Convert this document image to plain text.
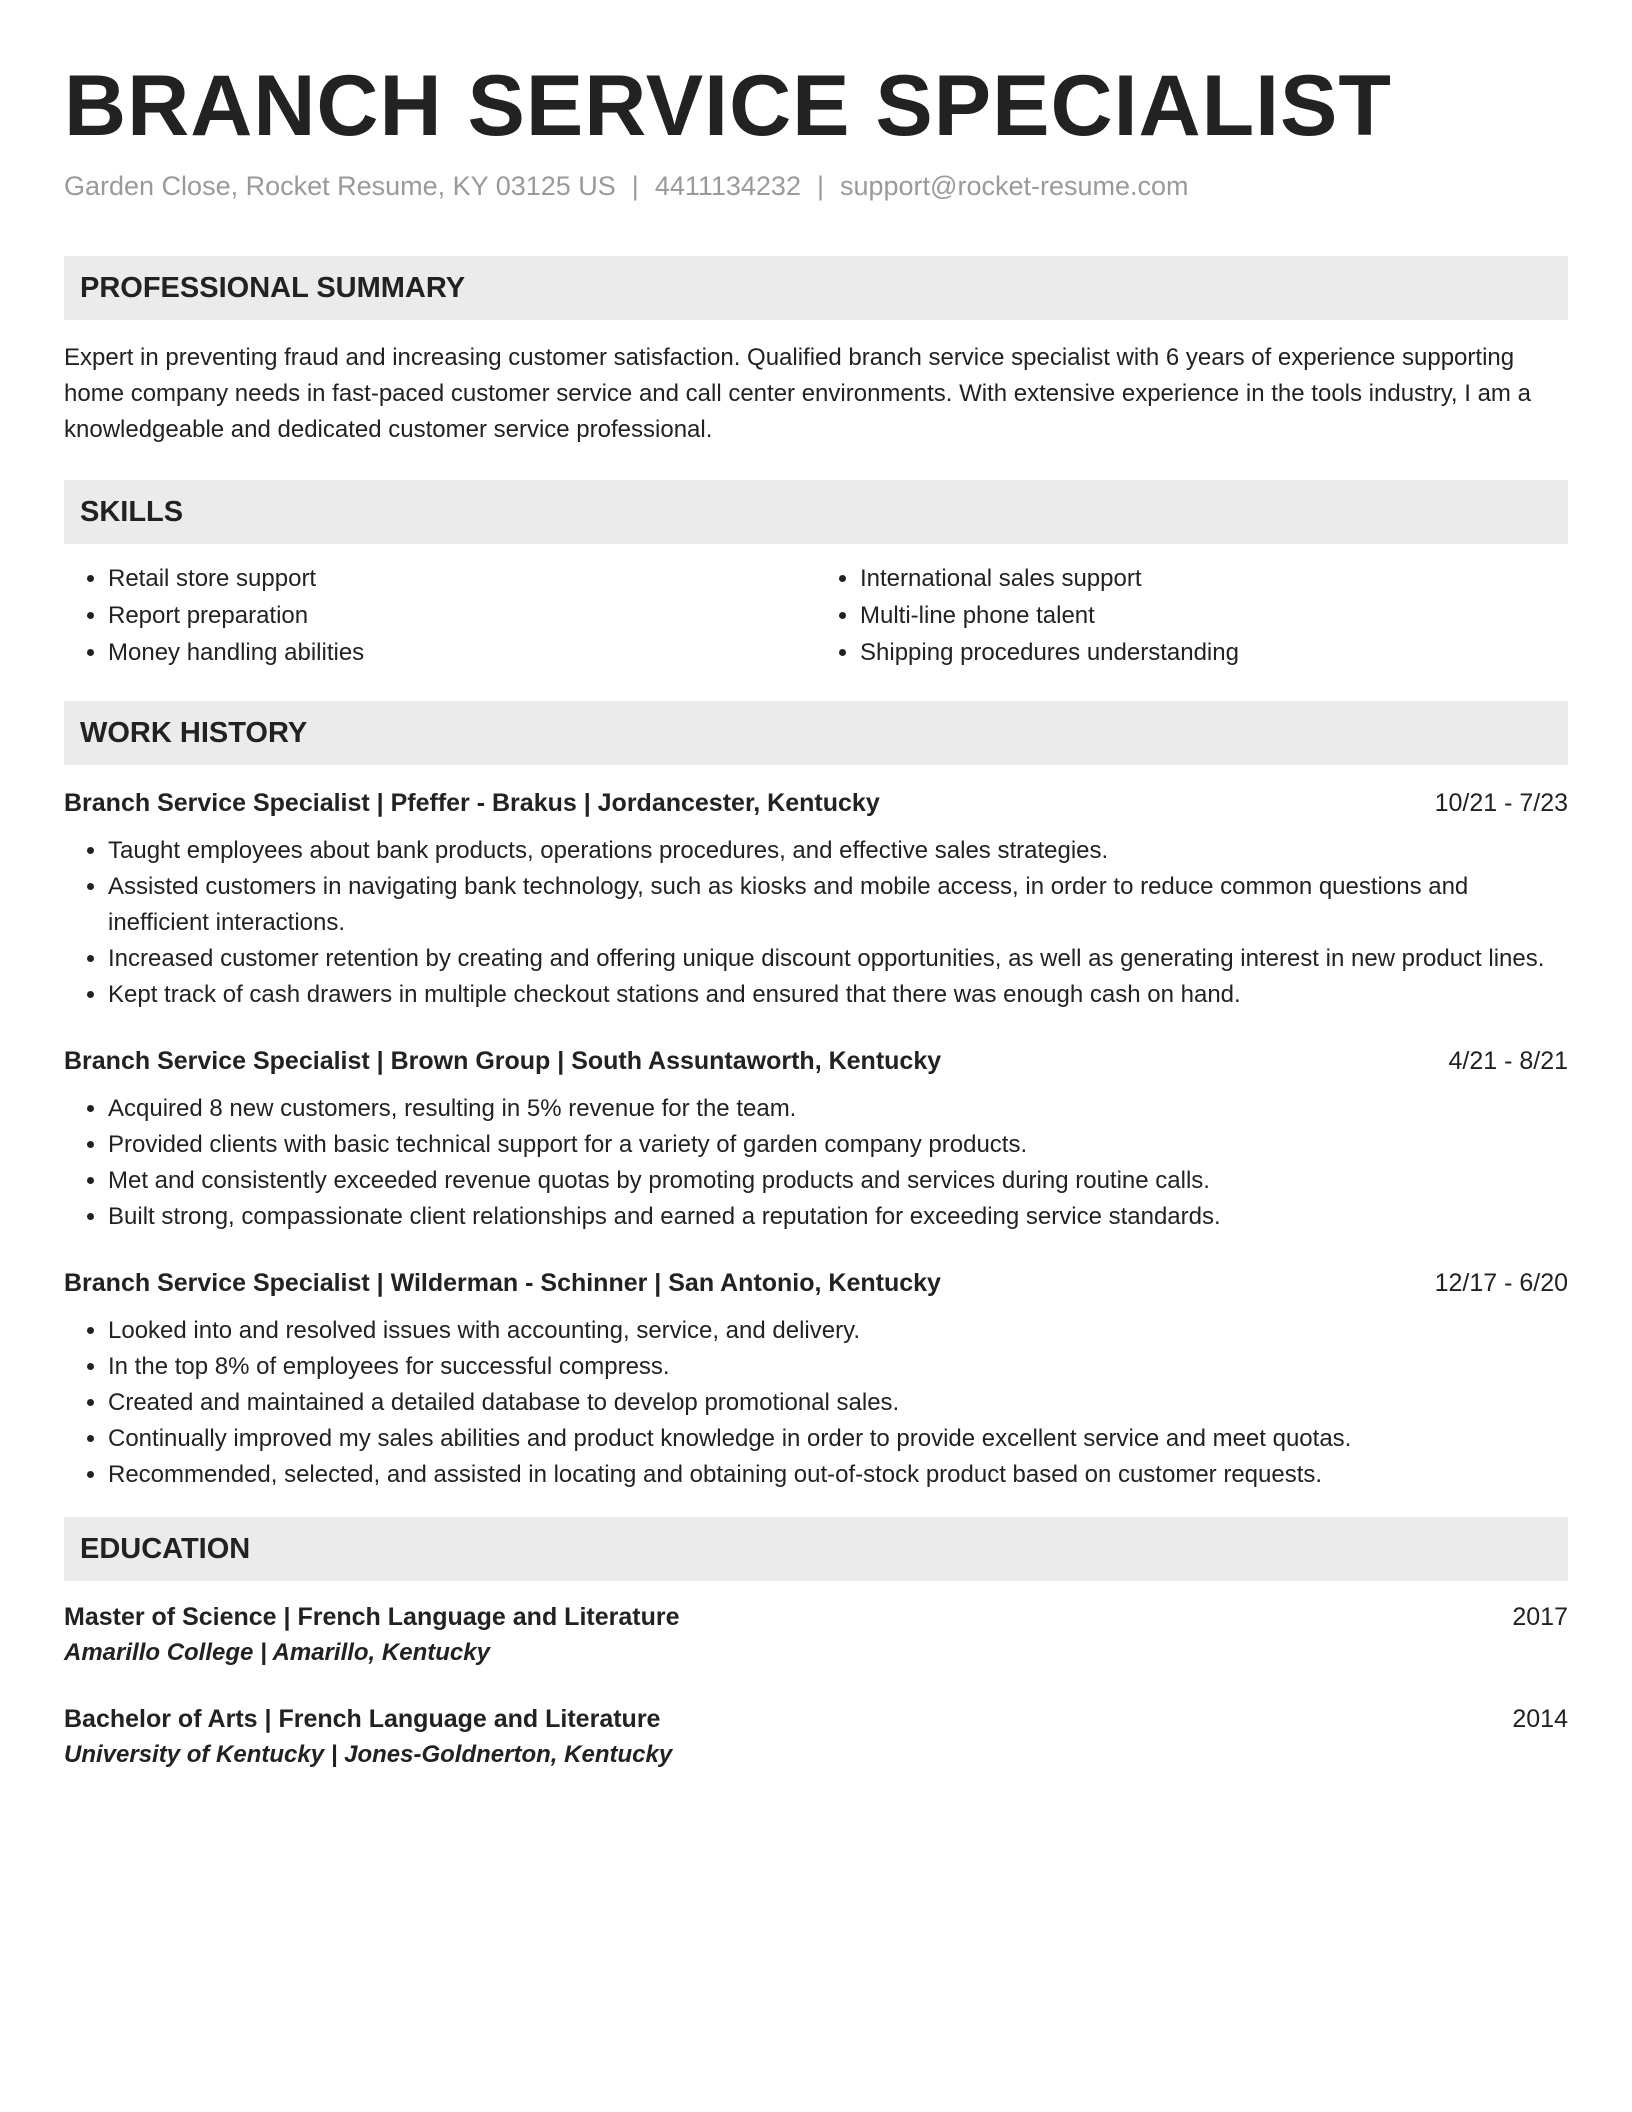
BRANCH SERVICE SPECIALIST
Garden Close, Rocket Resume, KY 03125 US | 4411134232 | support@rocket-resume.com
PROFESSIONAL SUMMARY

Expert in preventing fraud and increasing customer satisfaction. Qualified branch service specialist with 6 years of experience supporting home company needs in fast-paced customer service and call center environments. With extensive experience in the tools industry, I am a knowledgeable and dedicated customer service professional.

SKILLS
• Retail store support
• Report preparation
• Money handling abilities
• International sales support
• Multi-line phone talent
• Shipping procedures understanding
WORK HISTORY
Branch Service Specialist | Pfeffer - Brakus | Jordancester, Kentucky	10/21 - 7/23
• Taught employees about bank products, operations procedures, and effective sales strategies.
• Assisted customers in navigating bank technology, such as kiosks and mobile access, in order to reduce common questions and inefficient interactions.
• Increased customer retention by creating and offering unique discount opportunities, as well as generating interest in new product lines.
• Kept track of cash drawers in multiple checkout stations and ensured that there was enough cash on hand.
Branch Service Specialist | Brown Group | South Assuntaworth, Kentucky	4/21 - 8/21
• Acquired 8 new customers, resulting in 5% revenue for the team.
• Provided clients with basic technical support for a variety of garden company products.
• Met and consistently exceeded revenue quotas by promoting products and services during routine calls.
• Built strong, compassionate client relationships and earned a reputation for exceeding service standards.
Branch Service Specialist | Wilderman - Schinner | San Antonio, Kentucky	12/17 - 6/20
• Looked into and resolved issues with accounting, service, and delivery.
• In the top 8% of employees for successful compress.
• Created and maintained a detailed database to develop promotional sales.
• Continually improved my sales abilities and product knowledge in order to provide excellent service and meet quotas.
• Recommended, selected, and assisted in locating and obtaining out-of-stock product based on customer requests.
EDUCATION
Master of Science | French Language and Literature	2017
Amarillo College | Amarillo, Kentucky
Bachelor of Arts | French Language and Literature	2014
University of Kentucky | Jones-Goldnerton, Kentucky
